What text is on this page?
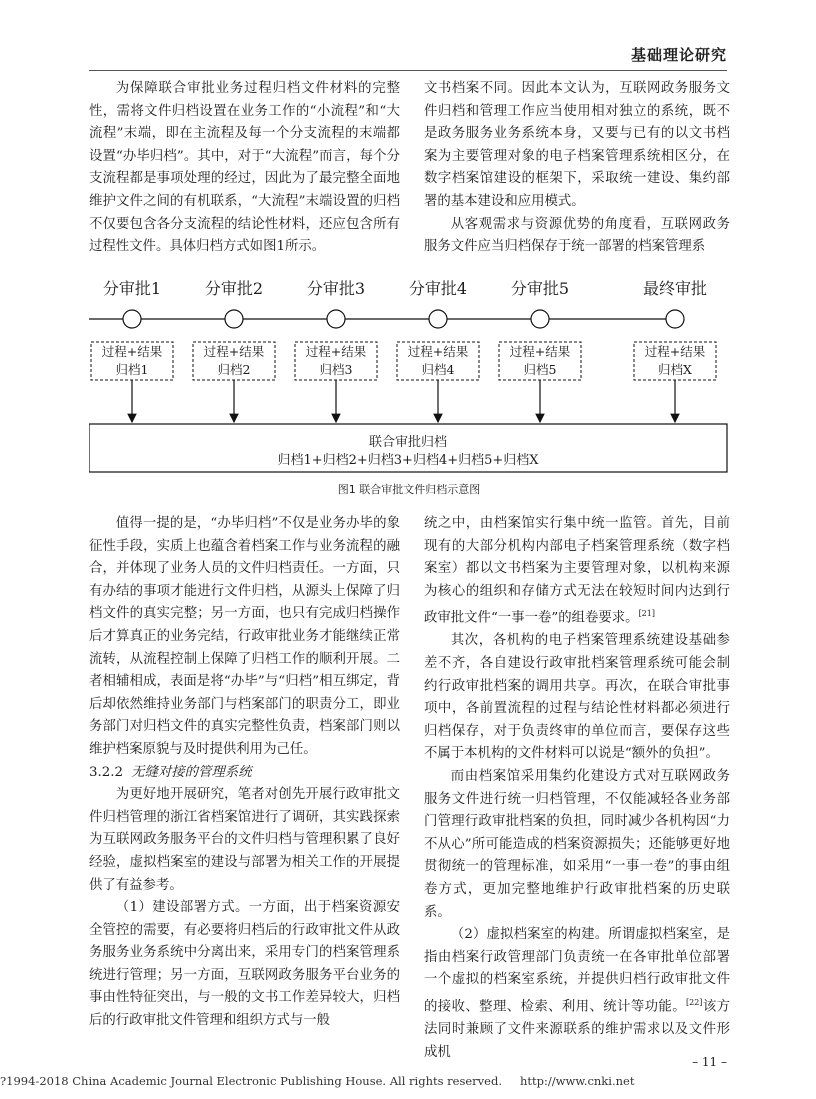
基础理论研究

为保障联合审批业务过程归档文件材料的完整性，需将文件归档设置在业务工作的“小流程”和“大流程”末端，即在主流程及每一个分支流程的末端都设置“办毕归档”。其中，对于“大流程”而言，每个分支流程都是事项处理的经过，因此为了最完整全面地维护文件之间的有机联系，“大流程”末端设置的归档不仅要包含各分支流程的结论性材料，还应包含所有过程性文件。具体归档方式如图1所示。

文书档案不同。因此本文认为，互联网政务服务文件归档和管理工作应当使用相对独立的系统，既不是政务服务业务系统本身，又要与已有的以文书档案为主要管理对象的电子档案管理系统相区分，在数字档案馆建设的框架下，采取统一建设、集约部署的基本建设和应用模式。

从客观需求与资源优势的角度看，互联网政务服务文件应当归档保存于统一部署的档案管理系

分审批1	分审批2	分审批3	分审批4	分审批5	最终审批
过程+结果
归档1
过程+结果
归档2
过程+结果
归档3
过程+结果
归档4
过程+结果
归档5
过程+结果
归档X
联合审批归档
归档1+归档2+归档3+归档4+归档5+归档X
图1 联合审批文件归档示意图

值得一提的是，“办毕归档”不仅是业务办毕的象征性手段，实质上也蕴含着档案工作与业务流程的融合，并体现了业务人员的文件归档责任。一方面，只有办结的事项才能进行文件归档，从源头上保障了归档文件的真实完整；另一方面，也只有完成归档操作后才算真正的业务完结，行政审批业务才能继续正常流转，从流程控制上保障了归档工作的顺利开展。二者相辅相成，表面是将“办毕”与“归档”相互绑定，背后却依然维持业务部门与档案部门的职责分工，即业务部门对归档文件的真实完整性负责，档案部门则以维护档案原貌与及时提供利用为己任。

3.2.2 无缝对接的管理系统

为更好地开展研究，笔者对创先开展行政审批文件归档管理的浙江省档案馆进行了调研，其实践探索为互联网政务服务平台的文件归档与管理积累了良好经验，虚拟档案室的建设与部署为相关工作的开展提供了有益参考。

（1）建设部署方式。一方面，出于档案资源安全管控的需要，有必要将归档后的行政审批文件从政务服务业务系统中分离出来，采用专门的档案管理系统进行管理；另一方面，互联网政务服务平台业务的事由性特征突出，与一般的文书工作差异较大，归档后的行政审批文件管理和组织方式与一般

统之中，由档案馆实行集中统一监管。首先，目前现有的大部分机构内部电子档案管理系统（数字档案室）都以文书档案为主要管理对象，以机构来源为核心的组织和存储方式无法在较短时间内达到行政审批文件“一事一卷”的组卷要求。[21]

其次，各机构的电子档案管理系统建设基础参差不齐，各自建设行政审批档案管理系统可能会制约行政审批档案的调用共享。再次，在联合审批事项中，各前置流程的过程与结论性材料都必须进行归档保存，对于负责终审的单位而言，要保存这些不属于本机构的文件材料可以说是“额外的负担”。

而由档案馆采用集约化建设方式对互联网政务服务文件进行统一归档管理，不仅能减轻各业务部门管理行政审批档案的负担，同时减少各机构因“力不从心”所可能造成的档案资源损失；还能够更好地贯彻统一的管理标准，如采用“一事一卷”的事由组卷方式，更加完整地维护行政审批档案的历史联系。

（2）虚拟档案室的构建。所谓虚拟档案室，是指由档案行政管理部门负责统一在各审批单位部署一个虚拟的档案室系统，并提供归档行政审批文件的接收、整理、检索、利用、统计等功能。[22]该方法同时兼顾了文件来源联系的维护需求以及文件形成机

– 11 –
?1994-2018 China Academic Journal Electronic Publishing House. All rights reserved. http://www.cnki.net
